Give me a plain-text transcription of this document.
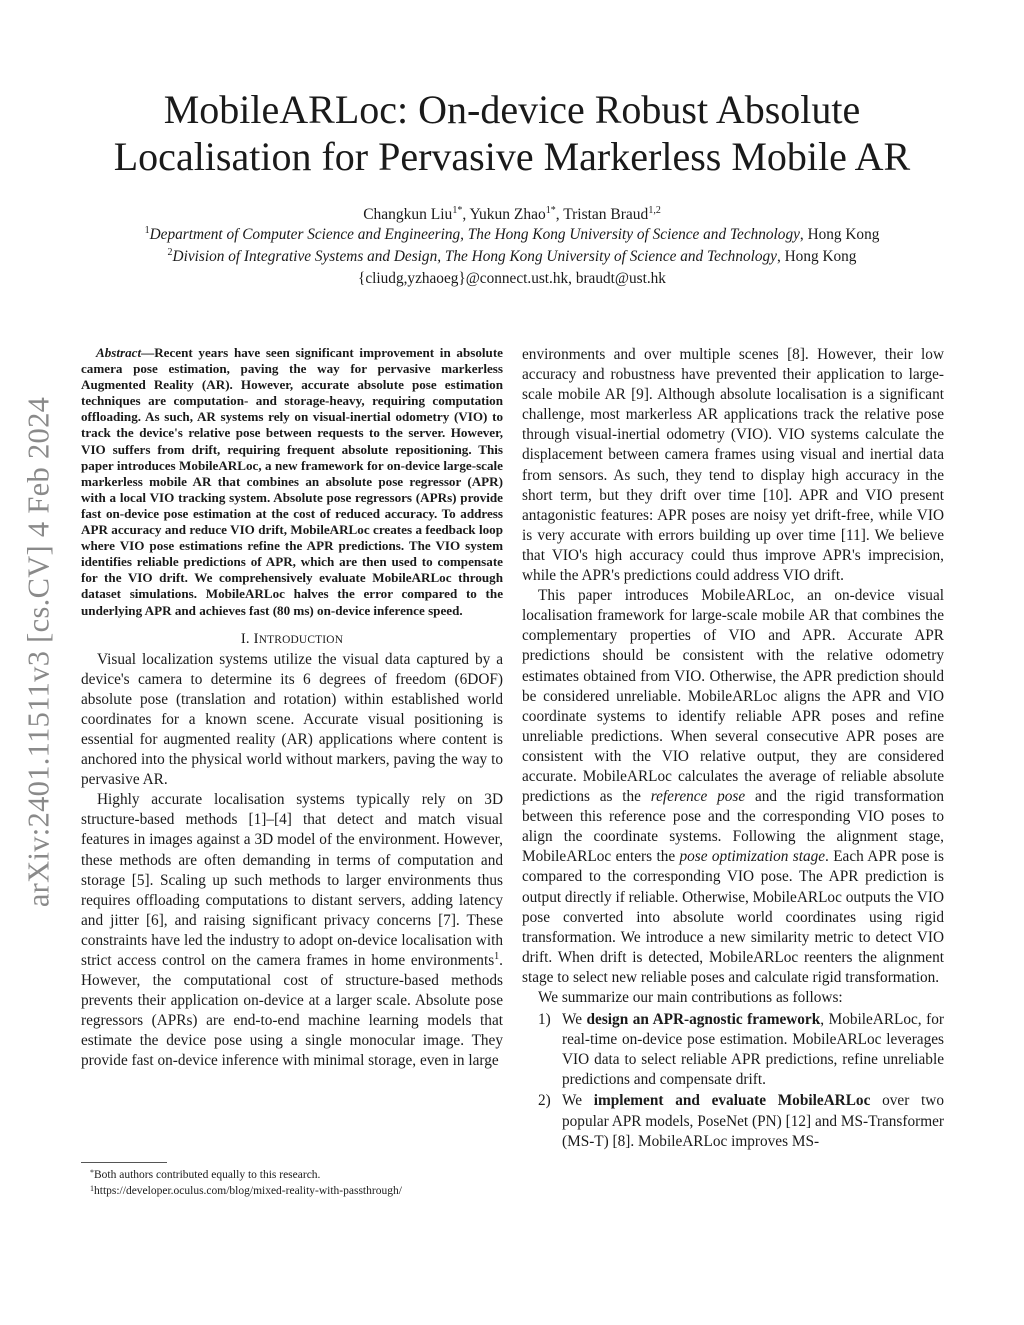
arXiv:2401.11511v3 [cs.CV] 4 Feb 2024
MobileARLoc: On-device Robust Absolute
Localisation for Pervasive Markerless Mobile AR
Changkun Liu$^{1*}$, Yukun Zhao$^{1*}$, Tristan Braud$^{1,2}$
$^1$Department of Computer Science and Engineering, The Hong Kong University of Science and Technology, Hong Kong
$^2$Division of Integrative Systems and Design, The Hong Kong University of Science and Technology, Hong Kong
{cliudg,yzhaoeg}@connect.ust.hk, braudt@ust.hk

Abstract—Recent years have seen significant improvement in absolute camera pose estimation, paving the way for pervasive markerless Augmented Reality (AR). However, accurate absolute pose estimation techniques are computation- and storage-heavy, requiring computation offloading. As such, AR systems rely on visual-inertial odometry (VIO) to track the device's relative pose between requests to the server. However, VIO suffers from drift, requiring frequent absolute repositioning. This paper introduces MobileARLoc, a new framework for on-device large-scale markerless mobile AR that combines an absolute pose regressor (APR) with a local VIO tracking system. Absolute pose regressors (APRs) provide fast on-device pose estimation at the cost of reduced accuracy. To address APR accuracy and reduce VIO drift, MobileARLoc creates a feedback loop where VIO pose estimations refine the APR predictions. The VIO system identifies reliable predictions of APR, which are then used to compensate for the VIO drift. We comprehensively evaluate MobileARLoc through dataset simulations. MobileARLoc halves the error compared to the underlying APR and achieves fast (80 ms) on-device inference speed.

I. INTRODUCTION

Visual localization systems utilize the visual data captured by a device's camera to determine its 6 degrees of freedom (6DOF) absolute pose (translation and rotation) within established world coordinates for a known scene. Accurate visual positioning is essential for augmented reality (AR) applications where content is anchored into the physical world without markers, paving the way to pervasive AR.

Highly accurate localisation systems typically rely on 3D structure-based methods [1]–[4] that detect and match visual features in images against a 3D model of the environment. However, these methods are often demanding in terms of computation and storage [5]. Scaling up such methods to larger environments thus requires offloading computations to distant servers, adding latency and jitter [6], and raising significant privacy concerns [7]. These constraints have led the industry to adopt on-device localisation with strict access control on the camera frames in home environments$^1$. However, the computational cost of structure-based methods prevents their application on-device at a larger scale. Absolute pose regressors (APRs) are end-to-end machine learning models that estimate the device pose using a single monocular image. They provide fast on-device inference with minimal storage, even in large

environments and over multiple scenes [8]. However, their low accuracy and robustness have prevented their application to large-scale mobile AR [9]. Although absolute localisation is a significant challenge, most markerless AR applications track the relative pose through visual-inertial odometry (VIO). VIO systems calculate the displacement between camera frames using visual and inertial data from sensors. As such, they tend to display high accuracy in the short term, but they drift over time [10]. APR and VIO present antagonistic features: APR poses are noisy yet drift-free, while VIO is very accurate with errors building up over time [11]. We believe that VIO's high accuracy could thus improve APR's imprecision, while the APR's predictions could address VIO drift.

This paper introduces MobileARLoc, an on-device visual localisation framework for large-scale mobile AR that combines the complementary properties of VIO and APR. Accurate APR predictions should be consistent with the relative odometry estimates obtained from VIO. Otherwise, the APR prediction should be considered unreliable. MobileARLoc aligns the APR and VIO coordinate systems to identify reliable APR poses and refine unreliable predictions. When several consecutive APR poses are consistent with the VIO relative output, they are considered accurate. MobileARLoc calculates the average of reliable absolute predictions as the reference pose and the rigid transformation between this reference pose and the corresponding VIO poses to align the coordinate systems. Following the alignment stage, MobileARLoc enters the pose optimization stage. Each APR pose is compared to the corresponding VIO pose. The APR prediction is output directly if reliable. Otherwise, MobileARLoc outputs the VIO pose converted into absolute world coordinates using rigid transformation. We introduce a new similarity metric to detect VIO drift. When drift is detected, MobileARLoc reenters the alignment stage to select new reliable poses and calculate rigid transformation.

We summarize our main contributions as follows:

1) We design an APR-agnostic framework, MobileARLoc, for real-time on-device pose estimation. MobileARLoc leverages VIO data to select reliable APR predictions, refine unreliable predictions and compensate drift.
2) We implement and evaluate MobileARLoc over two popular APR models, PoseNet (PN) [12] and MS-Transformer (MS-T) [8]. MobileARLoc improves MS-
* Both authors contributed equally to this research.
1 https://developer.oculus.com/blog/mixed-reality-with-passthrough/
